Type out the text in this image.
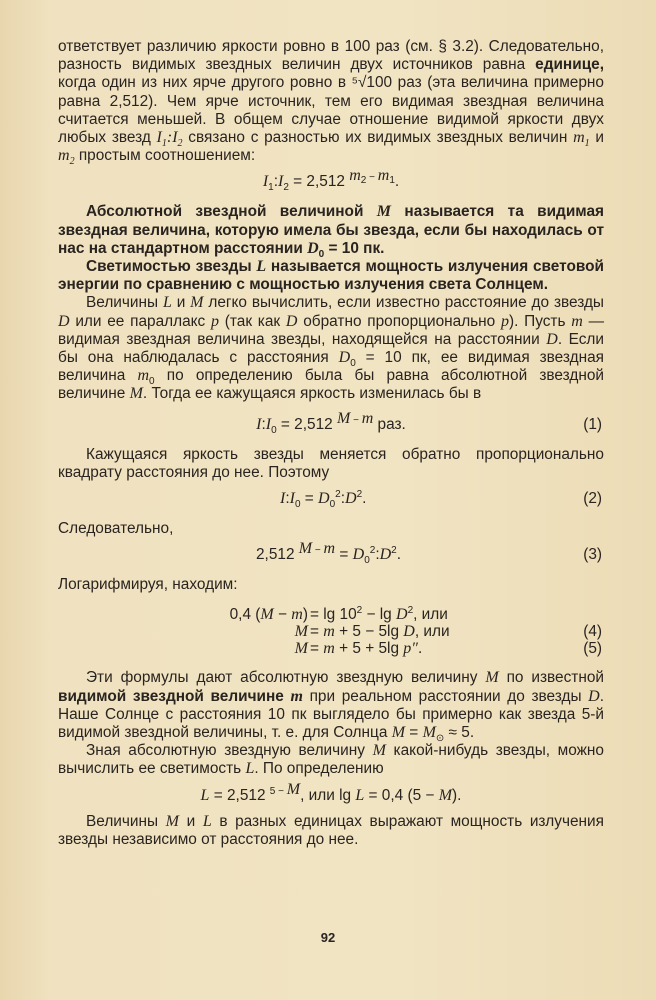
ответствует различию яркости ровно в 100 раз (см. § 3.2). Следовательно, разность видимых звездных величин двух источников равна единице, когда один из них ярче другого ровно в ⁵√100 раз (эта величина примерно равна 2,512). Чем ярче источник, тем его видимая звездная величина считается меньшей. В общем случае отношение видимой яркости двух любых звезд $I_1:I_2$ связано с разностью их видимых звездных величин $m_1$ и $m_2$ простым соотношением:

$I_1:I_2 = 2,512$ $^{m_2 - m_1}$.

Абсолютной звездной величиной M называется та видимая звездная величина, которую имела бы звезда, если бы находилась от нас на стандартном расстоянии $D_0 = 10$ пк.

Светимостью звезды L называется мощность излучения световой энергии по сравнению с мощностью излучения света Солнцем.

Величины L и M легко вычислить, если известно расстояние до звезды D или ее параллакс p (так как D обратно пропорционально p). Пусть m — видимая звездная величина звезды, находящейся на расстоянии D. Если бы она наблюдалась с расстояния $D_0 = 10$ пк, ее видимая звездная величина $m_0$ по определению была бы равна абсолютной звездной величине M. Тогда ее кажущаяся яркость изменилась бы в

$I:I_0 = 2,512$ $^{M - m}$ раз.	(1)

Кажущаяся яркость звезды меняется обратно пропорционально квадрату расстояния до нее. Поэтому

$I:I_0$ = $D_0^2:D^2$.
	(2)

Следовательно,

2,512 $^{M - m} = D_0^2:D^2$.
	(3)

Логарифмируя, находим:

0,4 $(M - m) = \lg 10^2 - \lg D^2$, или
M = m + 5 − 5lg D, или	(4)
M = m + 5 + 5lg p″.	(5)

Эти формулы дают абсолютную звездную величину M по известной видимой звездной величине m при реальном расстоянии до звезды D. Наше Солнце с расстояния 10 пк выглядело бы примерно как звезда 5-й видимой звездной величины, т. е. для Солнца $M = M_⊙ \approx 5$.

Зная абсолютную звездную величину M какой-нибудь звезды, можно вычислить ее светимость L. По определению

L = 2,512 $^{5 - M}$, или lg L = 0,4 (5 − M).

Величины M и L в разных единицах выражают мощность излучения звезды независимо от расстояния до нее.

92
